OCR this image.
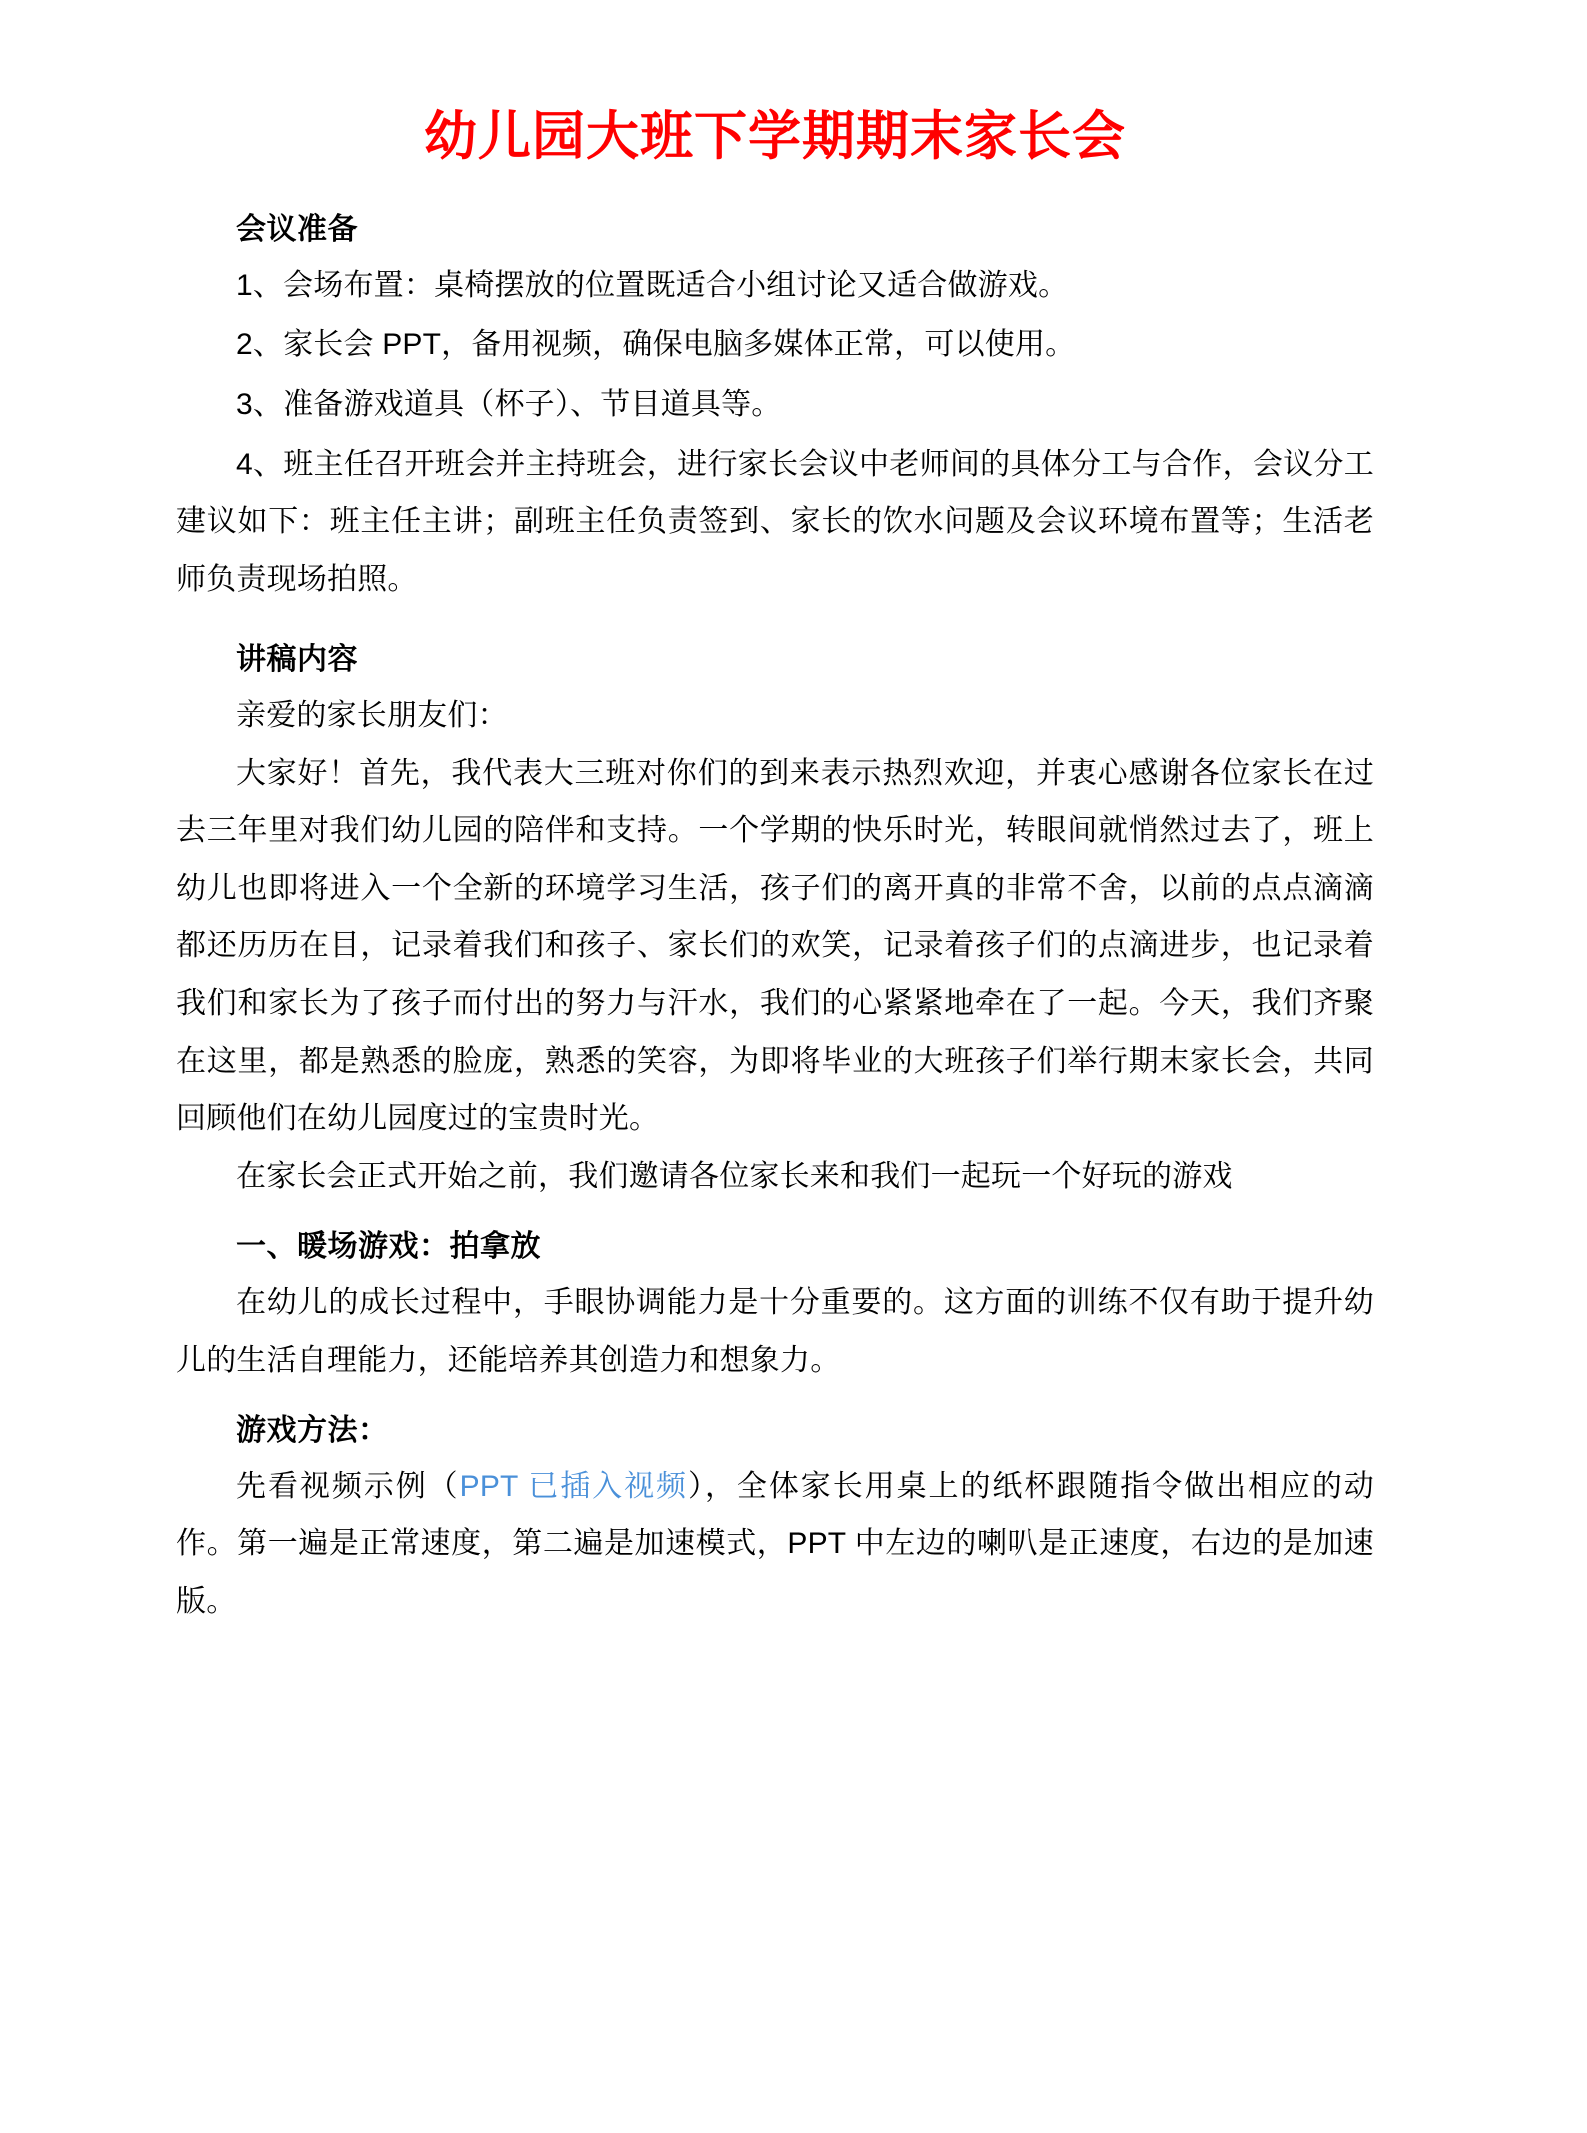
幼儿园大班下学期期末家长会
会议准备

1、会场布置：桌椅摆放的位置既适合小组讨论又适合做游戏。

2、家长会 PPT，备用视频，确保电脑多媒体正常，可以使用。

3、准备游戏道具（杯子）、节目道具等。

4、班主任召开班会并主持班会，进行家长会议中老师间的具体分工与合作，会议分工建议如下：班主任主讲；副班主任负责签到、家长的饮水问题及会议环境布置等；生活老师负责现场拍照。

讲稿内容

亲爱的家长朋友们：

大家好！首先，我代表大三班对你们的到来表示热烈欢迎，并衷心感谢各位家长在过去三年里对我们幼儿园的陪伴和支持。一个学期的快乐时光，转眼间就悄然过去了，班上幼儿也即将进入一个全新的环境学习生活，孩子们的离开真的非常不舍，以前的点点滴滴都还历历在目，记录着我们和孩子、家长们的欢笑，记录着孩子们的点滴进步，也记录着我们和家长为了孩子而付出的努力与汗水，我们的心紧紧地牵在了一起。今天，我们齐聚在这里，都是熟悉的脸庞，熟悉的笑容，为即将毕业的大班孩子们举行期末家长会，共同回顾他们在幼儿园度过的宝贵时光。

在家长会正式开始之前，我们邀请各位家长来和我们一起玩一个好玩的游戏

一、暖场游戏：拍拿放

在幼儿的成长过程中，手眼协调能力是十分重要的。这方面的训练不仅有助于提升幼儿的生活自理能力，还能培养其创造力和想象力。

游戏方法：

先看视频示例（PPT 已插入视频），全体家长用桌上的纸杯跟随指令做出相应的动作。第一遍是正常速度，第二遍是加速模式，PPT 中左边的喇叭是正速度，右边的是加速版。
